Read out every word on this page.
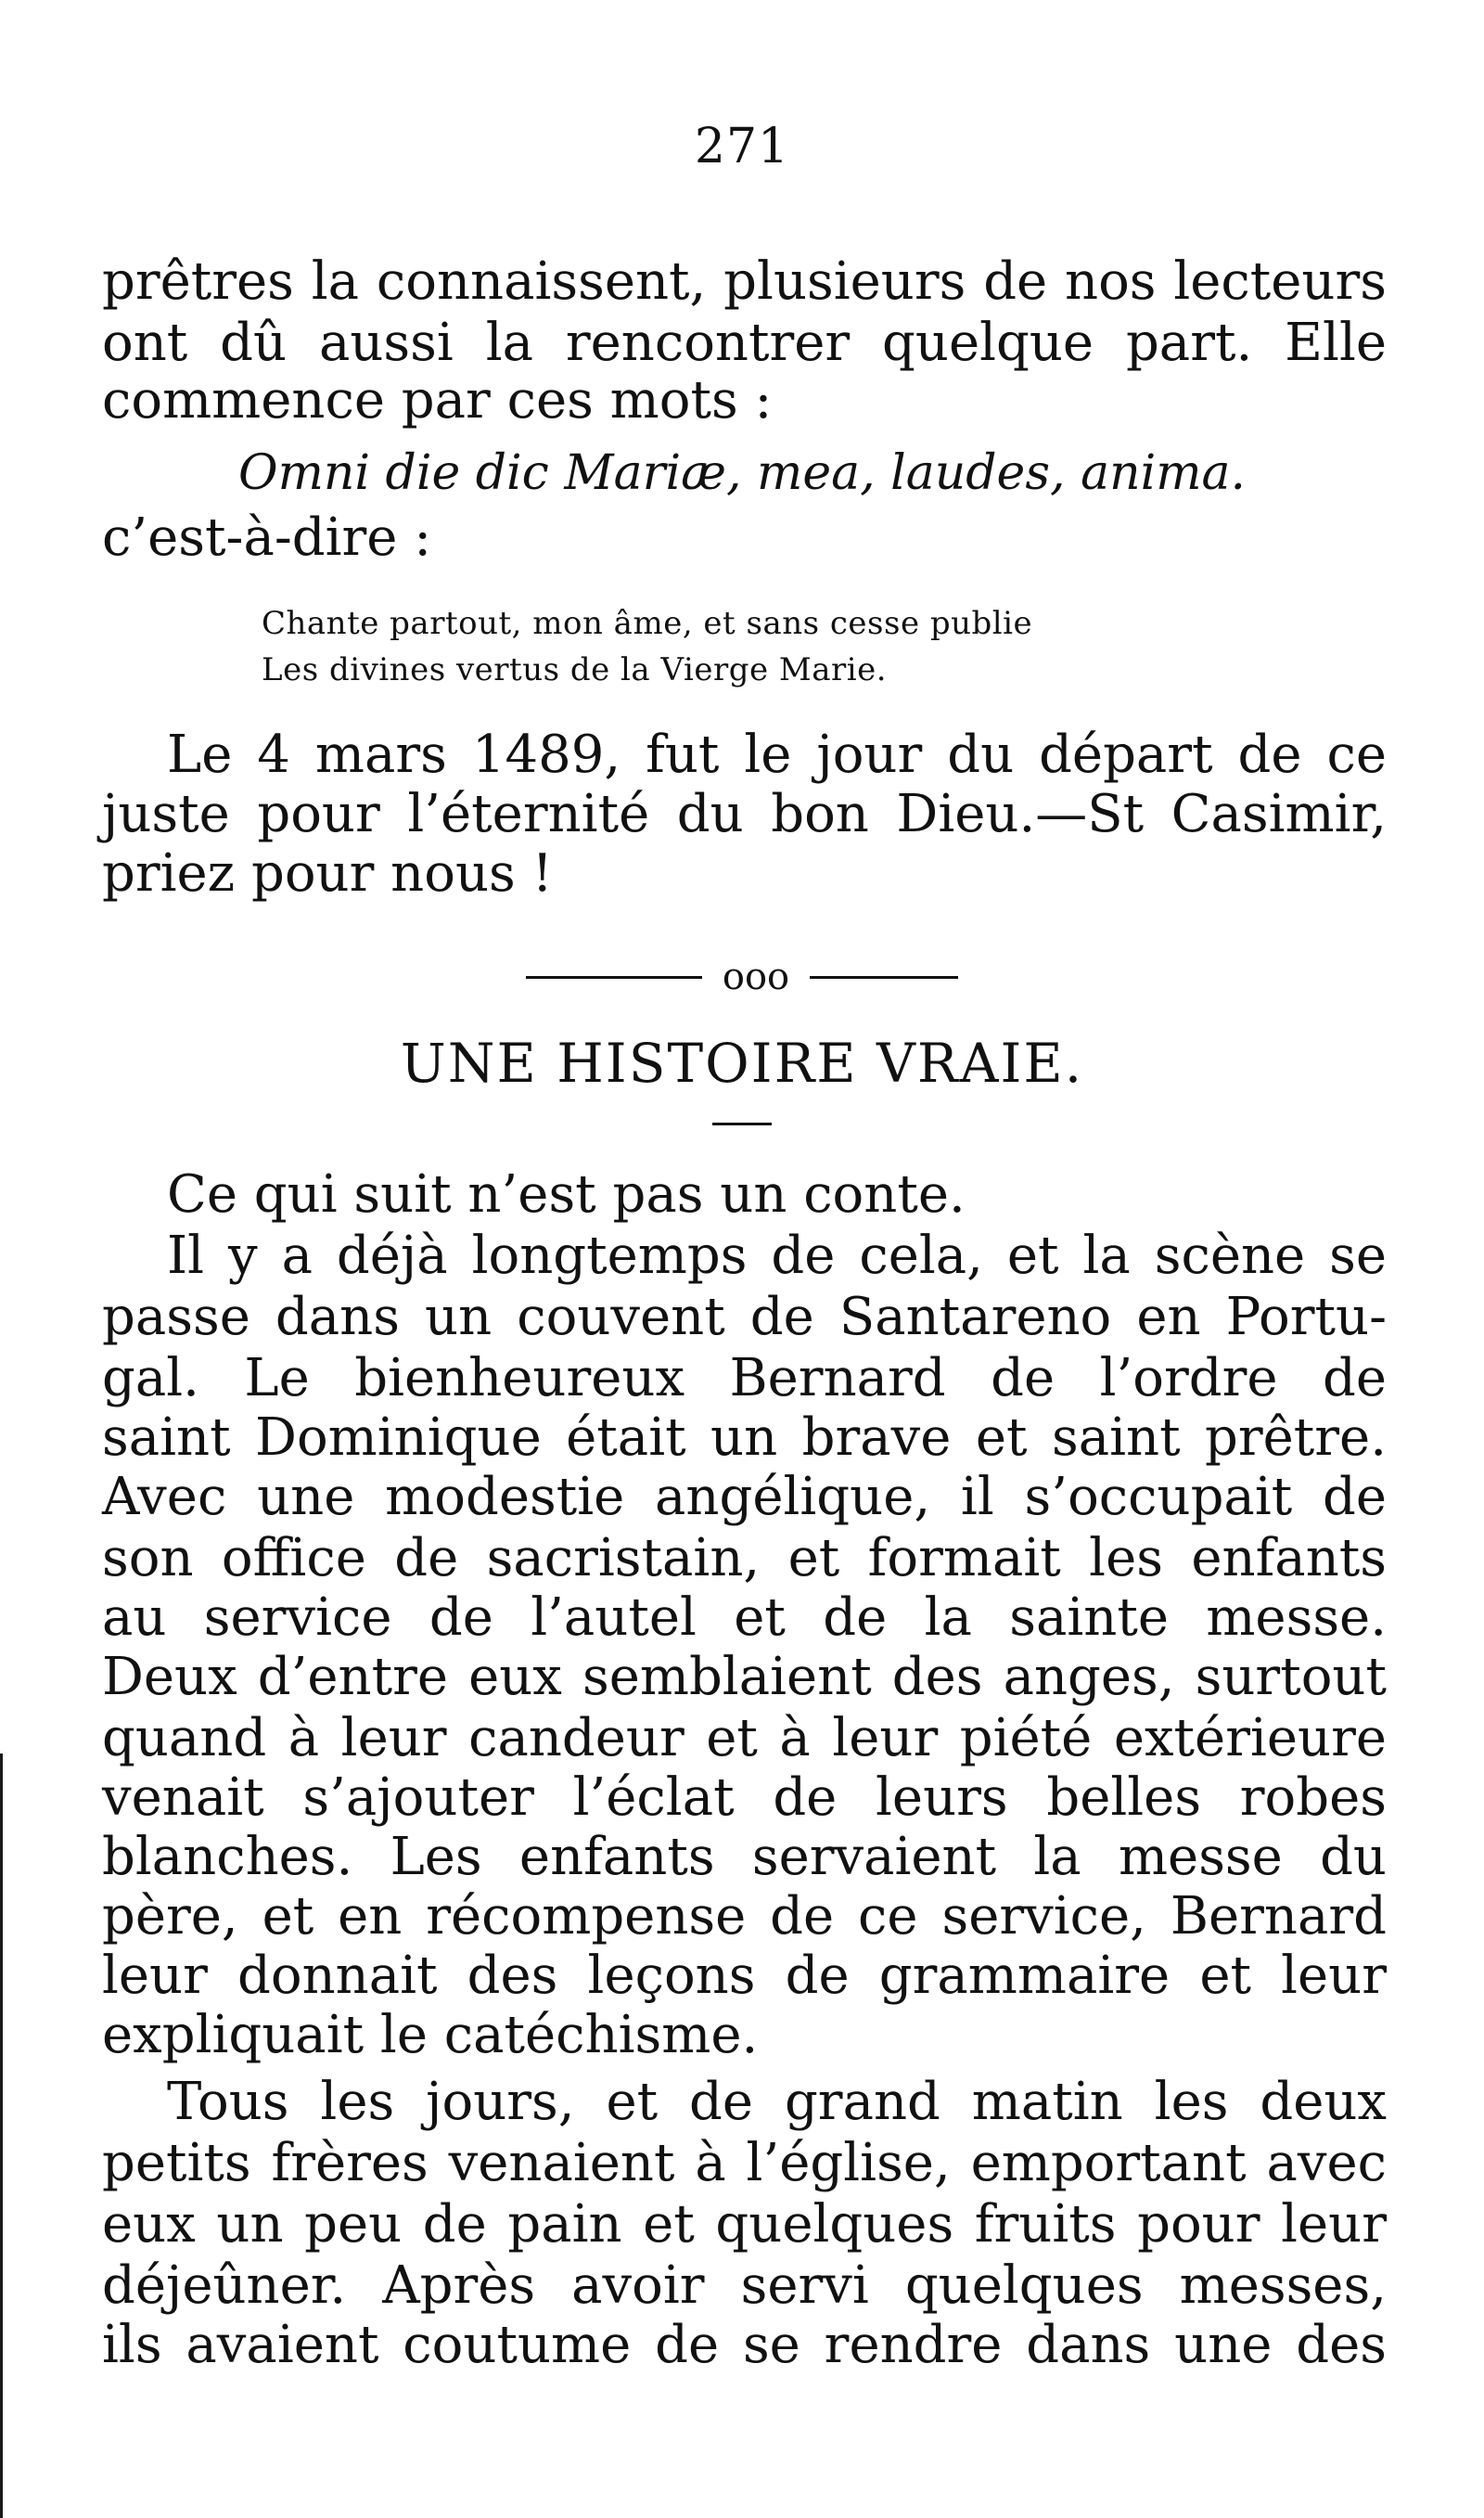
271
prêtres la connaissent, plusieurs de nos lecteurs
ont dû aussi la rencontrer quelque part. Elle
commence par ces mots :
Omni die dic Mariæ, mea, laudes, anima.
c’est-à-dire :
Chante partout, mon âme, et sans cesse publie
Les divines vertus de la Vierge Marie.
Le 4 mars 1489, fut le jour du départ de ce
juste pour l’éternité du bon Dieu.—St Casimir,
priez pour nous !
ooo
UNE HISTOIRE VRAIE.
Ce qui suit n’est pas un conte.
Il y a déjà longtemps de cela, et la scène se
passe dans un couvent de Santareno en Portu-
gal. Le bienheureux Bernard de l’ordre de
saint Dominique était un brave et saint prêtre.
Avec une modestie angélique, il s’occupait de
son office de sacristain, et formait les enfants
au service de l’autel et de la sainte messe.
Deux d’entre eux semblaient des anges, surtout
quand à leur candeur et à leur piété extérieure
venait s’ajouter l’éclat de leurs belles robes
blanches. Les enfants servaient la messe du
père, et en récompense de ce service, Bernard
leur donnait des leçons de grammaire et leur
expliquait le catéchisme.
Tous les jours, et de grand matin les deux
petits frères venaient à l’église, emportant avec
eux un peu de pain et quelques fruits pour leur
déjeûner. Après avoir servi quelques messes,
ils avaient coutume de se rendre dans une des
